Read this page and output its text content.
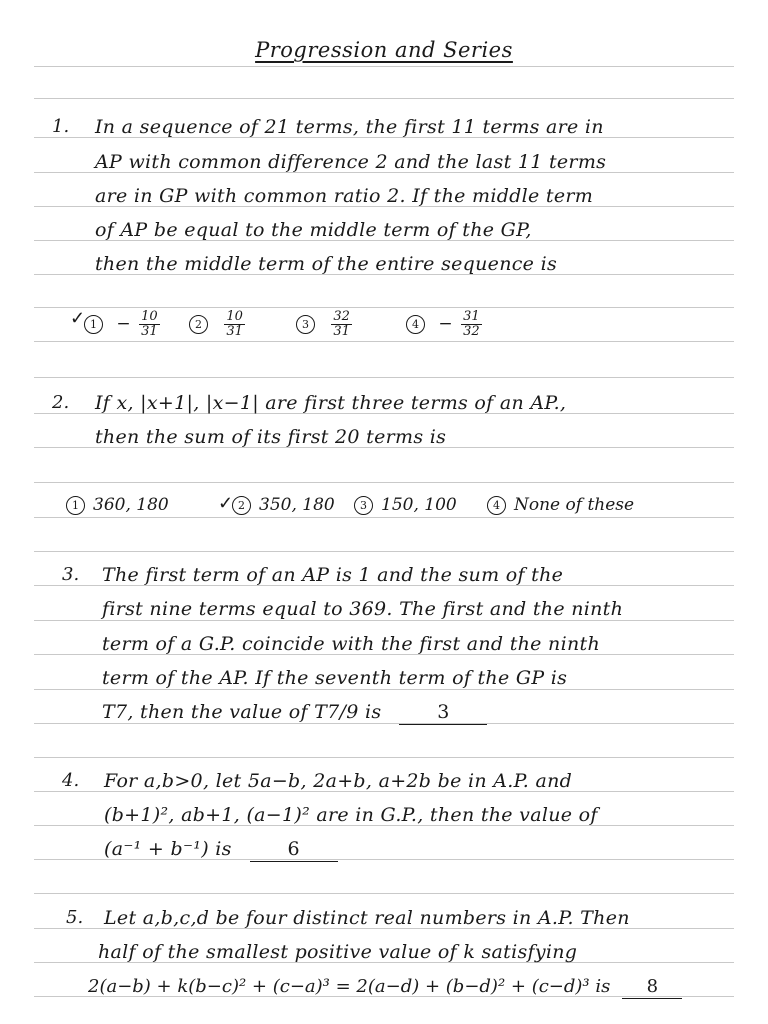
Progression and Series
1. In a sequence of 21 terms, the first 11 terms are in
AP with common difference 2 and the last 11 terms
are in GP with common ratio 2. If the middle term
of AP be equal to the middle term of the GP,
then the middle term of the entire sequence is
✓ $1 - \frac{10}{31}$	$2 \frac{10}{31}$	$3 \frac{32}{31}$	$4 - \frac{31}{32}$
2. If x, |x+1|, |x−1| are first three terms of an AP.,
then the sum of its first 20 terms is
1 360, 180	✓ 2 350, 180	3 150, 100	4 None of these
3. The first term of an AP is 1 and the sum of the
first nine terms equal to 369. The first and the ninth
term of a G.P. coincide with the first and the ninth
term of the AP. If the seventh term of the GP is
T7, then the value of T7/9 is	3
4. For a,b>0, let 5a−b, 2a+b, a+2b be in A.P. and
(b+1)², ab+1, (a−1)² are in G.P., then the value of
(a⁻¹ + b⁻¹) is	6
5. Let a,b,c,d be four distinct real numbers in A.P. Then
half of the smallest positive value of k satisfying
2(a−b) + k(b−c)² + (c−a)³ = 2(a−d) + (b−d)² + (c−d)³ is 8
